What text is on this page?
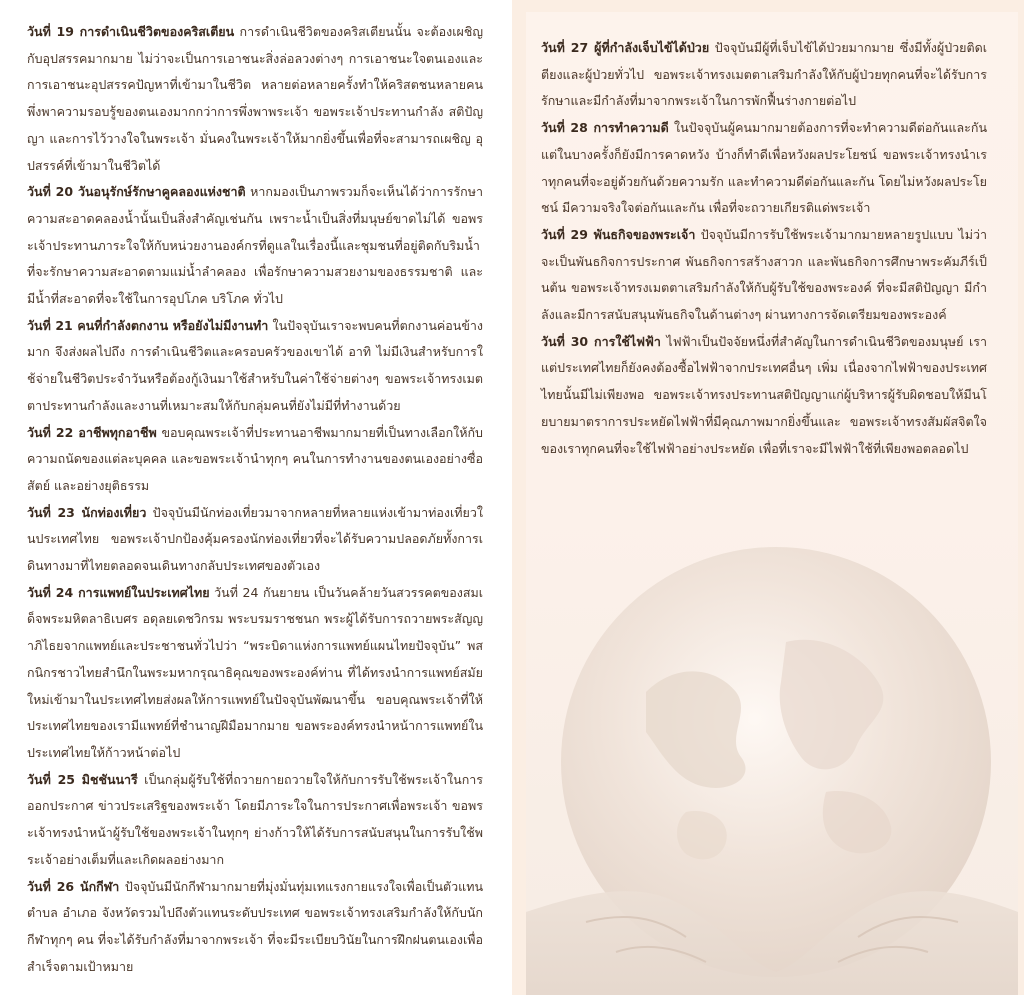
วันที่ 19 การดำเนินชีวิตของคริสเตียน การดำเนินชีวิตของคริสเตียนนั้น จะต้องเผชิญกับอุปสรรคมากมาย ไม่ว่าจะเป็นการเอาชนะสิ่งล่อลวงต่างๆ การเอาชนะใจตนเองและการเอาชนะอุปสรรคปัญหาที่เข้ามาในชีวิต หลายต่อหลายครั้งทำให้คริสตชนหลายคนพึ่งพาความรอบรู้ของตนเองมากกว่าการพึ่งพาพระเจ้า ขอพระเจ้าประทานกำลัง สติปัญญา และการไว้วางใจในพระเจ้า มั่นคงในพระเจ้าให้มากยิ่งขึ้นเพื่อที่จะสามารถเผชิญ อุปสรรค์ที่เข้ามาในชีวิตได้

วันที่ 20 วันอนุรักษ์รักษาคูคลองแห่งชาติ หากมองเป็นภาพรวมก็จะเห็นได้ว่าการรักษาความสะอาดคลองน้ำนั้นเป็นสิ่งสำคัญเช่นกัน เพราะน้ำเป็นสิ่งที่มนุษย์ขาดไม่ได้ ขอพระเจ้าประทานภาระใจให้กับหน่วยงานองค์กรที่ดูแลในเรื่องนี้และชุมชนที่อยู่ติดกับริมน้ำที่จะรักษาความสะอาดตามแม่น้ำลำคลอง เพื่อรักษาความสวยงามของธรรมชาติ และมีน้ำที่สะอาดที่จะใช้ในการอุปโภค บริโภค ทั่วไป

วันที่ 21 คนที่กำลังตกงาน หรือยังไม่มีงานทำ ในปัจจุบันเราจะพบคนที่ตกงานค่อนข้างมาก จึงส่งผลไปถึง การดำเนินชีวิตและครอบครัวของเขาได้ อาทิ ไม่มีเงินสำหรับการใช้จ่ายในชีวิตประจำวันหรือต้องกู้เงินมาใช้สำหรับในค่าใช้จ่ายต่างๆ ขอพระเจ้าทรงเมตตาประทานกำลังและงานที่เหมาะสมให้กับกลุ่มคนที่ยังไม่มีที่ทำงานด้วย

วันที่ 22 อาชีพทุกอาชีพ ขอบคุณพระเจ้าที่ประทานอาชีพมากมายที่เป็นทางเลือกให้กับความถนัดของแต่ละบุคคล และขอพระเจ้านำทุกๆ คนในการทำงานของตนเองอย่างซื่อสัตย์ และอย่างยุติธรรม

วันที่ 23 นักท่องเที่ยว ปัจจุบันมีนักท่องเที่ยวมาจากหลายที่หลายแห่งเข้ามาท่องเที่ยวในประเทศไทย ขอพระเจ้าปกป้องคุ้มครองนักท่องเที่ยวที่จะได้รับความปลอดภัยทั้งการเดินทางมาที่ไทยตลอดจนเดินทางกลับประเทศของตัวเอง

วันที่ 24 การแพทย์ในประเทศไทย วันที่ 24 กันยายน เป็นวันคล้ายวันสวรรคตของสมเด็จพระมหิตลาธิเบศร อดุลยเดชวิกรม พระบรมราชชนก พระผู้ได้รับการถวายพระสัญญาภิไธยจากแพทย์และประชาชนทั่วไปว่า “พระบิดาแห่งการแพทย์แผนไทยปัจจุบัน” พสกนิกรชาวไทยสำนึกในพระมหากรุณาธิคุณของพระองค์ท่าน ที่ได้ทรงนำการแพทย์สมัยใหม่เข้ามาในประเทศไทยส่งผลให้การแพทย์ในปัจจุบันพัฒนาขึ้น ขอบคุณพระเจ้าที่ให้ประเทศไทยของเรามีแพทย์ที่ชำนาญฝีมือมากมาย ขอพระองค์ทรงนำหน้าการแพทย์ในประเทศไทยให้ก้าวหน้าต่อไป

วันที่ 25 มิชชันนารี เป็นกลุ่มผู้รับใช้ที่ถวายกายถวายใจให้กับการรับใช้พระเจ้าในการออกประกาศ ข่าวประเสริฐของพระเจ้า โดยมีภาระใจในการประกาศเพื่อพระเจ้า ขอพระเจ้าทรงนำหน้าผู้รับใช้ของพระเจ้าในทุกๆ ย่างก้าวให้ได้รับการสนับสนุนในการรับใช้พระเจ้าอย่างเต็มที่และเกิดผลอย่างมาก

วันที่ 26 นักกีฬา ปัจจุบันมีนักกีฬามากมายที่มุ่งมั่นทุ่มเทแรงกายแรงใจเพื่อเป็นตัวแทน ตำบล อำเภอ จังหวัดรวมไปถึงตัวแทนระดับประเทศ ขอพระเจ้าทรงเสริมกำลังให้กับนักกีฬาทุกๆ คน ที่จะได้รับกำลังที่มาจากพระเจ้า ที่จะมีระเบียบวินัยในการฝึกฝนตนเองเพื่อสำเร็จตามเป้าหมาย

วันที่ 27 ผู้ที่กำลังเจ็บไข้ได้ป่วย ปัจจุบันมีผู้ที่เจ็บไข้ได้ป่วยมากมาย ซึ่งมีทั้งผู้ป่วยติดเตียงและผู้ป่วยทั่วไป ขอพระเจ้าทรงเมตตาเสริมกำลังให้กับผู้ป่วยทุกคนที่จะได้รับการรักษาและมีกำลังที่มาจากพระเจ้าในการพักฟื้นร่างกายต่อไป

วันที่ 28 การทำความดี ในปัจจุบันผู้คนมากมายต้องการที่จะทำความดีต่อกันและกัน แต่ในบางครั้งก็ยังมีการคาดหวัง บ้างก็ทำดีเพื่อหวังผลประโยชน์ ขอพระเจ้าทรงนำเราทุกคนที่จะอยู่ด้วยกันด้วยความรัก และทำความดีต่อกันและกัน โดยไม่หวังผลประโยชน์ มีความจริงใจต่อกันและกัน เพื่อที่จะถวายเกียรติแด่พระเจ้า

วันที่ 29 พันธกิจของพระเจ้า ปัจจุบันมีการรับใช้พระเจ้ามากมายหลายรูปแบบ ไม่ว่าจะเป็นพันธกิจการประกาศ พันธกิจการสร้างสาวก และพันธกิจการศึกษาพระคัมภีร์เป็นต้น ขอพระเจ้าทรงเมตตาเสริมกำลังให้กับผู้รับใช้ของพระองค์ ที่จะมีสติปัญญา มีกำลังและมีการสนับสนุนพันธกิจในด้านต่างๆ ผ่านทางการจัดเตรียมของพระองค์

วันที่ 30 การใช้ไฟฟ้า ไฟฟ้าเป็นปัจจัยหนึ่งที่สำคัญในการดำเนินชีวิตของมนุษย์ เรา แต่ประเทศไทยก็ยังคงต้องซื้อไฟฟ้าจากประเทศอื่นๆ เพิ่ม เนื่องจากไฟฟ้าของประเทศไทยนั้นมีไม่เพียงพอ ขอพระเจ้าทรงประทานสติปัญญาแก่ผู้บริหารผู้รับผิดชอบให้มีนโยบายมาตราการประหยัดไฟฟ้าที่มีคุณภาพมากยิ่งขึ้นและ ขอพระเจ้าทรงสัมผัสจิตใจของเราทุกคนที่จะใช้ไฟฟ้าอย่างประหยัด เพื่อที่เราจะมีไฟฟ้าใช้ที่เพียงพอตลอดไป
